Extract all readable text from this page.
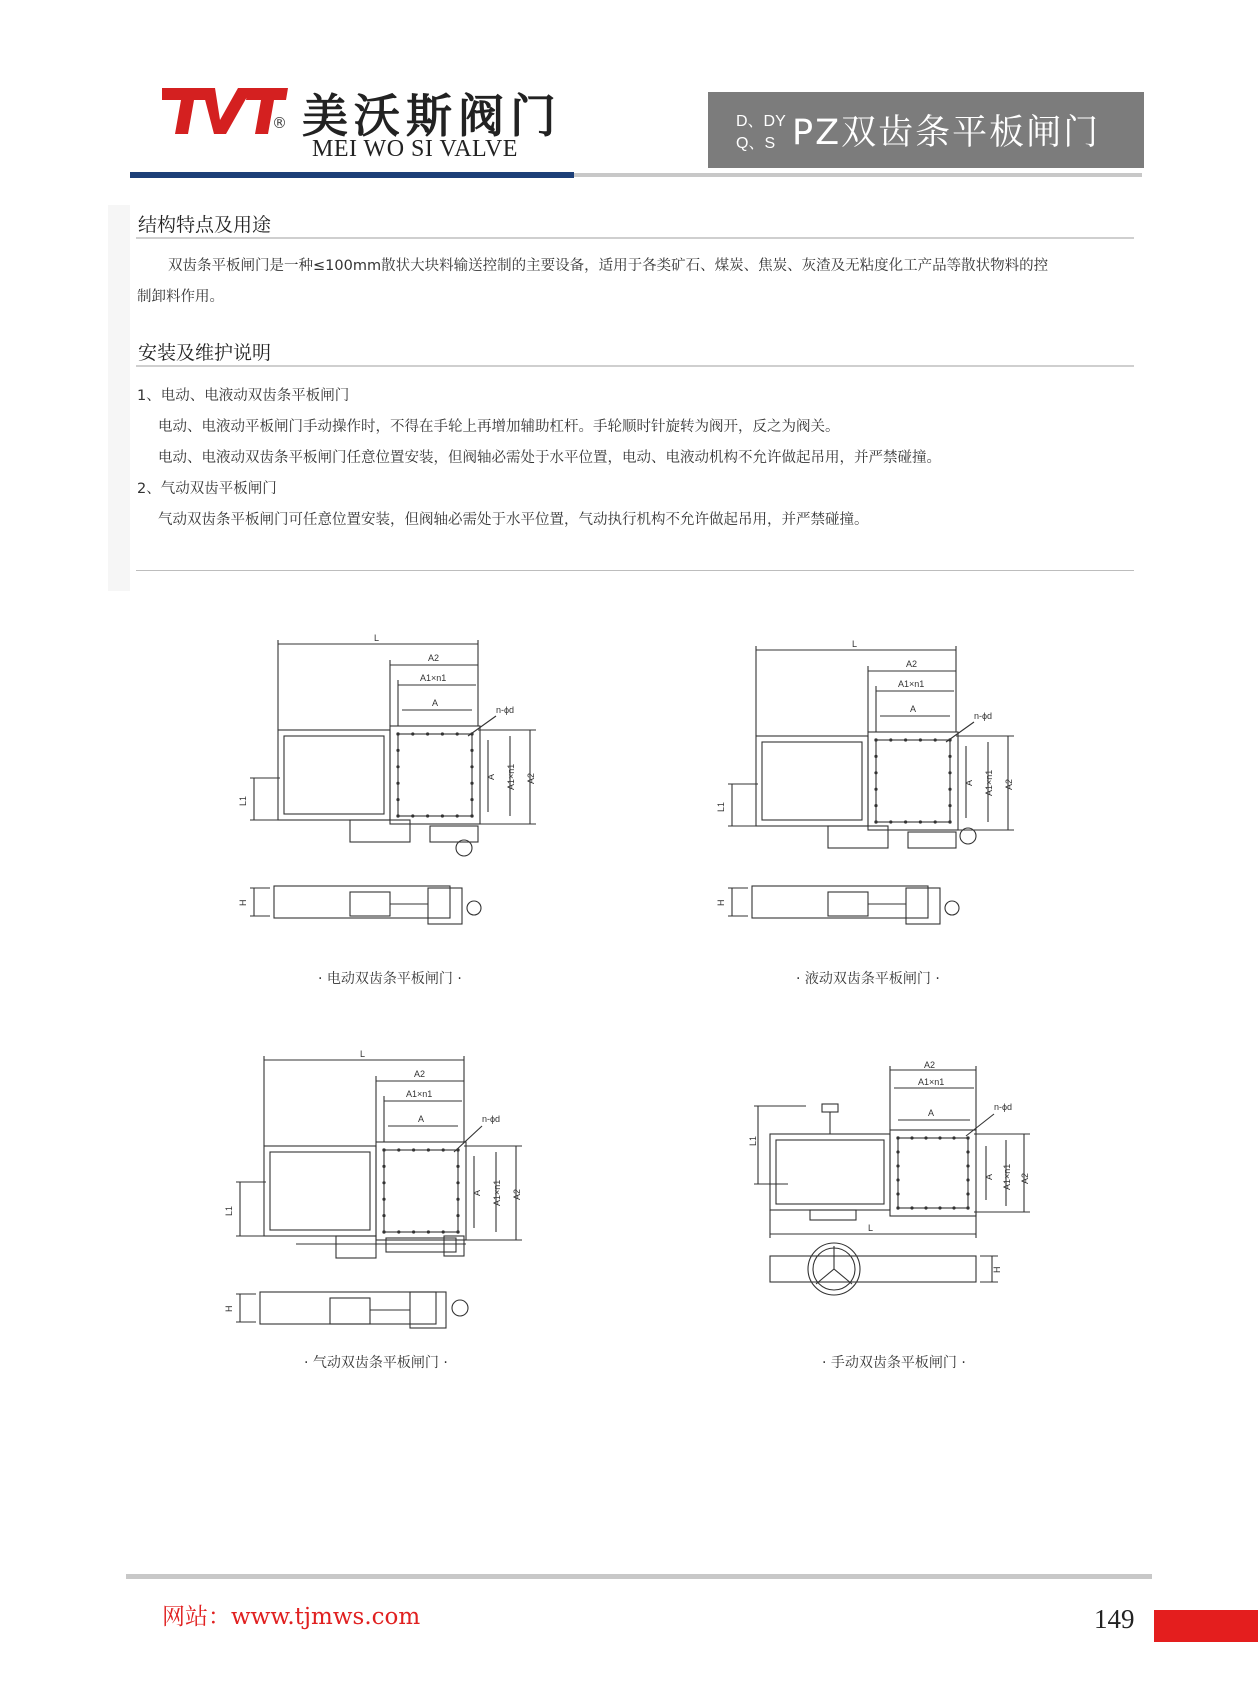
® 美沃斯阀门
MEI WO SI VALVE
D、DY
Q、S PZ双齿条平板闸门
结构特点及用途
双齿条平板闸门是一种≤100mm散状大块料输送控制的主要设备，适用于各类矿石、煤炭、焦炭、灰渣及无粘度化工产品等散状物料的控
制卸料作用。
安装及维护说明
1、电动、电液动双齿条平板闸门
电动、电液动平板闸门手动操作时，不得在手轮上再增加辅助杠杆。手轮顺时针旋转为阀开，反之为阀关。
电动、电液动双齿条平板闸门任意位置安装，但阀轴必需处于水平位置，电动、电液动机构不允许做起吊用，并严禁碰撞。
2、气动双齿平板闸门
气动双齿条平板闸门可任意位置安装，但阀轴必需处于水平位置，气动执行机构不允许做起吊用，并严禁碰撞。
L
A2
A1×n1
A
n-ϕd
A A1×n1 A2
L1
H
· 电动双齿条平板闸门 ·
L
A2
A1×n1
A
n-ϕd
A A1×n1 A2
L1
H
· 液动双齿条平板闸门 ·
L
A2
A1×n1
A	n-ϕd
A A1×n1 A2
L1
H
· 气动双齿条平板闸门 ·
A2
A1×n1
A
n-ϕd
L1
A A1×n1 A2
L
H
· 手动双齿条平板闸门 ·
网站：www.tjmws.com	149
